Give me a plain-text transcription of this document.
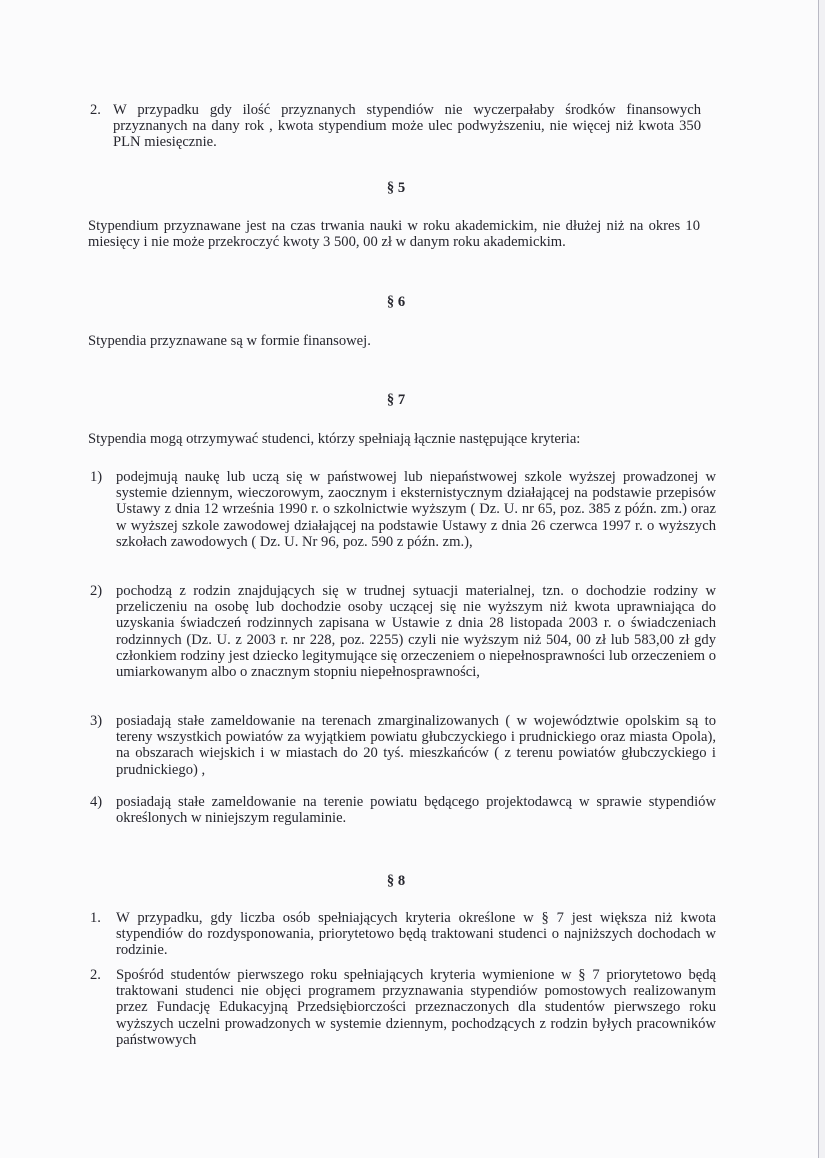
2. W przypadku gdy ilość przyznanych stypendiów nie wyczerpałaby środków finansowych przyznanych na dany rok , kwota stypendium może ulec podwyższeniu, nie więcej niż kwota 350 PLN miesięcznie.
§ 5
Stypendium przyznawane jest na czas trwania nauki w roku akademickim, nie dłużej niż na okres 10 miesięcy i nie może przekroczyć kwoty 3 500, 00 zł w danym roku akademickim.
§ 6
Stypendia przyznawane są w formie finansowej.
§ 7
Stypendia mogą otrzymywać studenci, którzy spełniają łącznie następujące kryteria:
1) podejmują naukę lub uczą się w państwowej lub niepaństwowej szkole wyższej prowadzonej w systemie dziennym, wieczorowym, zaocznym i eksternistycznym działającej na podstawie przepisów Ustawy z dnia 12 września 1990 r. o szkolnictwie wyższym ( Dz. U. nr 65, poz. 385 z późn. zm.) oraz w wyższej szkole zawodowej działającej na podstawie Ustawy z dnia 26 czerwca 1997 r. o wyższych szkołach zawodowych ( Dz. U. Nr 96, poz. 590 z późn. zm.),
2) pochodzą z rodzin znajdujących się w trudnej sytuacji materialnej, tzn. o dochodzie rodziny w przeliczeniu na osobę lub dochodzie osoby uczącej się nie wyższym niż kwota uprawniająca do uzyskania świadczeń rodzinnych zapisana w Ustawie z dnia 28 listopada 2003 r. o świadczeniach rodzinnych (Dz. U. z 2003 r. nr 228, poz. 2255) czyli nie wyższym niż 504, 00 zł lub 583,00 zł gdy członkiem rodziny jest dziecko legitymujące się orzeczeniem o niepełnosprawności lub orzeczeniem o umiarkowanym albo o znacznym stopniu niepełnosprawności,
3) posiadają stałe zameldowanie na terenach zmarginalizowanych ( w województwie opolskim są to tereny wszystkich powiatów za wyjątkiem powiatu głubczyckiego i prudnickiego oraz miasta Opola), na obszarach wiejskich i w miastach do 20 tyś. mieszkańców ( z terenu powiatów głubczyckiego i prudnickiego) ,
4) posiadają stałe zameldowanie na terenie powiatu będącego projektodawcą w sprawie stypendiów określonych w niniejszym regulaminie.
§ 8
1. W przypadku, gdy liczba osób spełniających kryteria określone w § 7 jest większa niż kwota stypendiów do rozdysponowania, priorytetowo będą traktowani studenci o najniższych dochodach w rodzinie.
2. Spośród studentów pierwszego roku spełniających kryteria wymienione w § 7 priorytetowo będą traktowani studenci nie objęci programem przyznawania stypendiów pomostowych realizowanym przez Fundację Edukacyjną Przedsiębiorczości przeznaczonych dla studentów pierwszego roku wyższych uczelni prowadzonych w systemie dziennym, pochodzących z rodzin byłych pracowników państwowych
